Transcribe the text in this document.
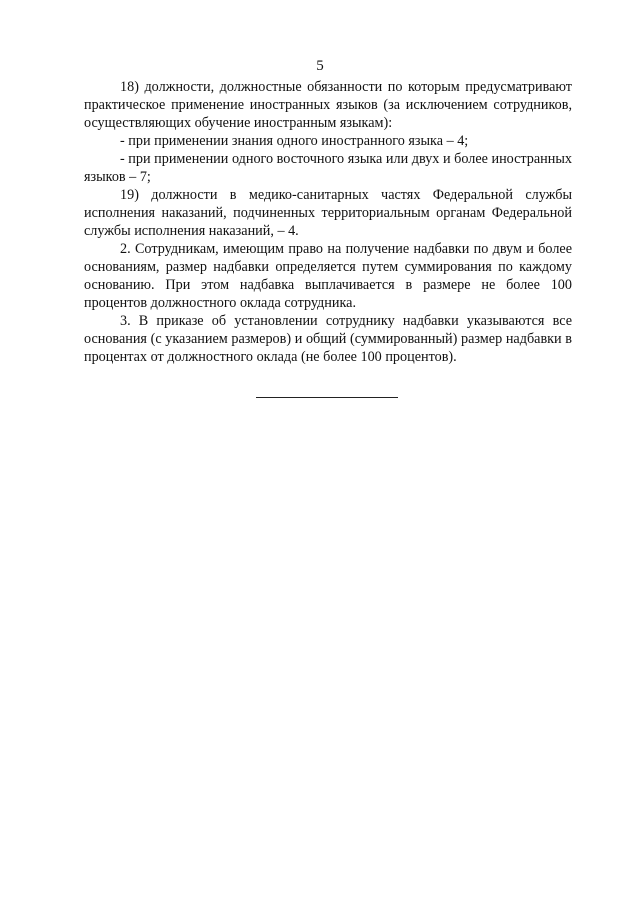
5

18) должности, должностные обязанности по которым предусматривают практическое применение иностранных языков (за исключением сотрудников, осуществляющих обучение иностранным языкам):

- при применении знания одного иностранного языка – 4;

- при применении одного восточного языка или двух и более иностранных языков – 7;

19) должности в медико-санитарных частях Федеральной службы исполнения наказаний, подчиненных территориальным органам Федеральной службы исполнения наказаний, – 4.

2. Сотрудникам, имеющим право на получение надбавки по двум и более основаниям, размер надбавки определяется путем суммирования по каждому основанию. При этом надбавка выплачивается в размере не более 100 процентов должностного оклада сотрудника.

3. В приказе об установлении сотруднику надбавки указываются все основания (с указанием размеров) и общий (суммированный) размер надбавки в процентах от должностного оклада (не более 100 процентов).
